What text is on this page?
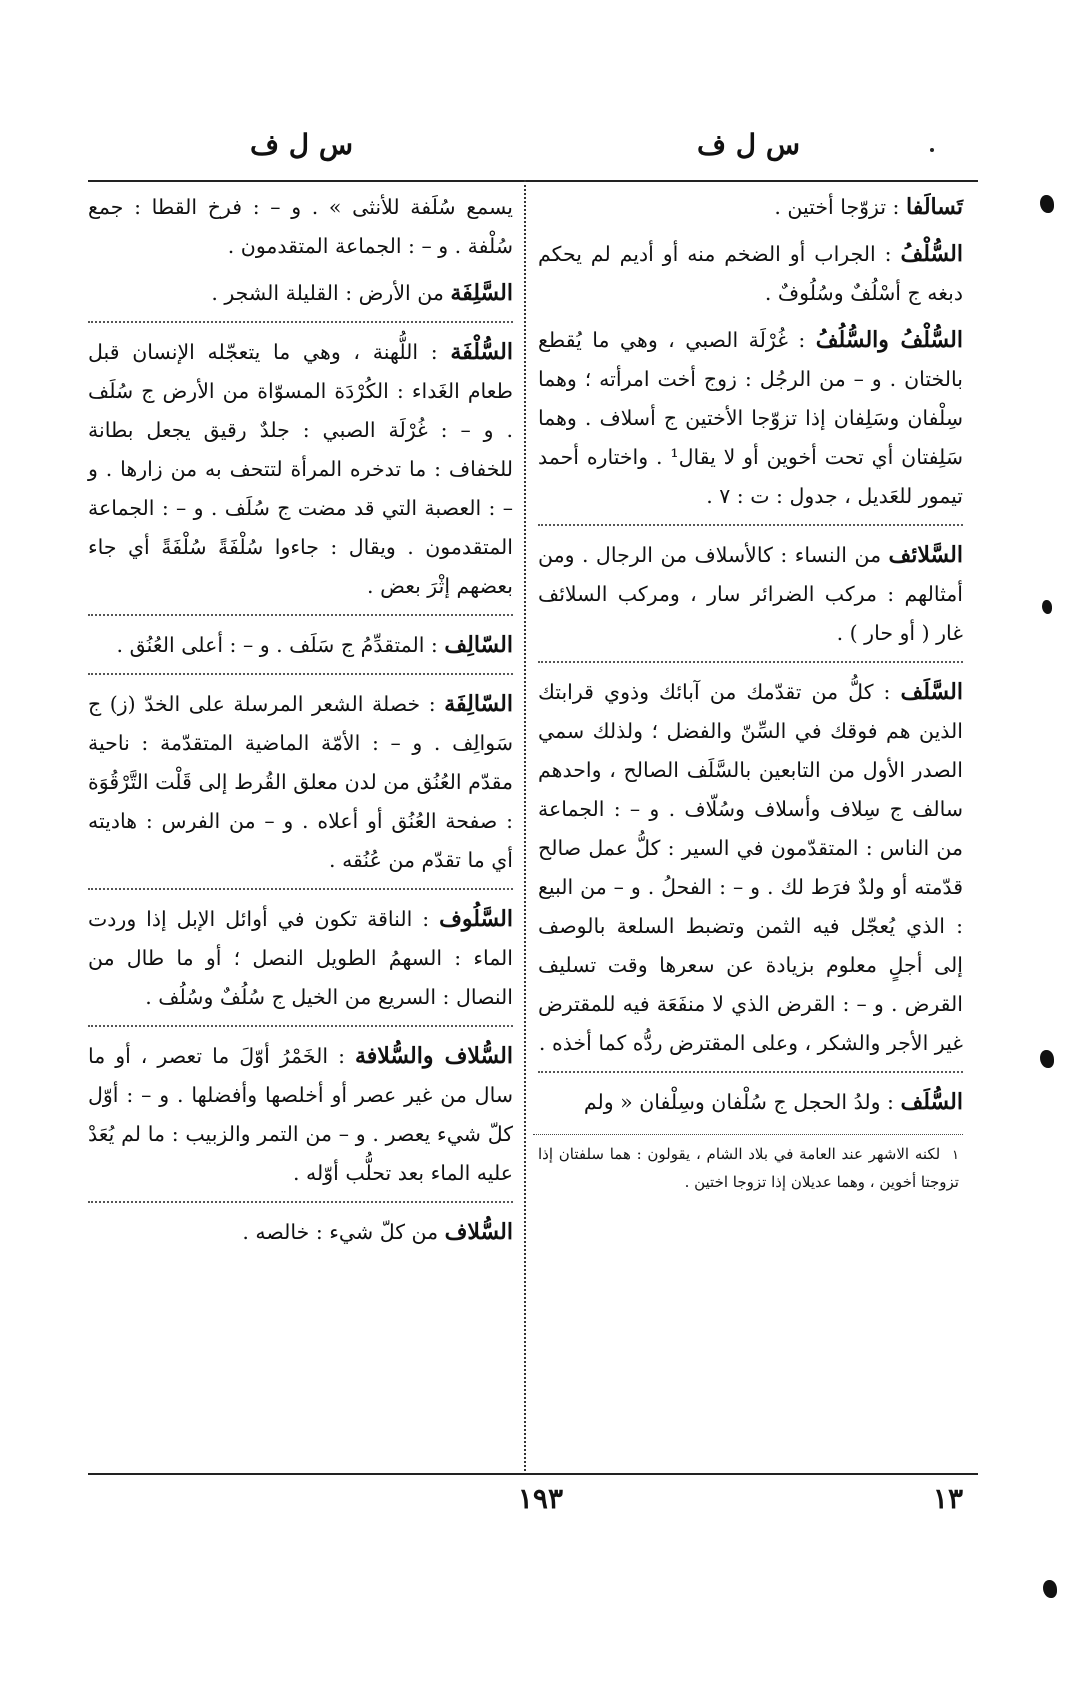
س ل ف
س ل ف
تَسالَفا : تزوّجا أختين .
السُّلْفُ : الجراب أو الضخم منه أو أديم لم يحكم دبغه ج أسْلُفٌ وسُلُوفٌ .
السُّلْفُ والسُّلُفُ : غُرْلَة الصبي ، وهي ما يُقطع بالختان . و – من الرجُل : زوج أخت امرأته ؛ وهما سِلْفان وسَلِفان إذا تزوّجا الأختين ج أسلاف . وهما سَلِفتان أي تحت أخوين أو لا يقال¹ . واختاره أحمد تيمور للعَديل ، جدول : ت : ٧ .
السَّلائف من النساء : كالأسلاف من الرجال . ومن أمثالهم : مركب الضرائر سار ، ومركب السلائف غار ( أو حار ) .
السَّلَف : كلُّ من تقدّمك من آبائك وذوي قرابتك الذين هم فوقك في السِّنّ والفضل ؛ ولذلك سمي الصدر الأول من التابعين بالسَّلَف الصالح ، واحدهم سالف ج سِلاف وأسلاف وسُلّاف . و – : الجماعة من الناس : المتقدّمون في السير : كلُّ عمل صالح قدّمته أو ولدٌ فرَط لك . و – : الفحلُ . و – من البيع : الذي يُعجّل فيه الثمن وتضبط السلعة بالوصف إلى أجلٍ معلوم بزيادة عن سعرها وقت تسليف القرض . و – : القرض الذي لا منفَعَة فيه للمقترض غير الأجر والشكر ، وعلى المقترض ردُّه كما أخذه .
السُّلَف : ولدُ الحجل ج سُلْفان وسِلْفان « ولم
١ لكنه الاشهر عند العامة في بلاد الشام ، يقولون : هما سلفتان إذا تزوجتا أخوين ، وهما عديلان إذا تزوجا اختين .
يسمع سُلَفة للأنثى » . و – : فرخ القطا : جمع سُلْفة . و – : الجماعة المتقدمون .
السَّلِفَة من الأرض : القليلة الشجر .
السُّلْفَة : اللُّهنة ، وهي ما يتعجّله الإنسان قبل طعام الغَداء : الكُرْدَة المسوّاة من الأرض ج سُلَف . و – : غُرْلَة الصبي : جلدٌ رقيق يجعل بطانة للخفاف : ما تدخره المرأة لتتحف به من زارها . و – : العصبة التي قد مضت ج سُلَف . و – : الجماعة المتقدمون . ويقال : جاءوا سُلْفَةً سُلْفَةً أي جاء بعضهم إثْرَ بعض .
السّالِف : المتقدِّمُ ج سَلَف . و – : أعلى العُنُق .
السّالِفَة : خصلة الشعر المرسلة على الخدّ (ز) ج سَوالِف . و – : الأمّة الماضية المتقدّمة : ناحية مقدّم العُنُق من لدن معلق القُرط إلى قَلْت التَّرْقُوَة : صفحة العُنُق أو أعلاه . و – من الفرس : هاديته أي ما تقدّم من عُنُقه .
السَّلُوف : الناقة تكون في أوائل الإبل إذا وردت الماء : السهمُ الطويل النصل ؛ أو ما طال من النصال : السريع من الخيل ج سُلُفٌ وسُلُف .
السُّلاف والسُّلافة : الخَمْرُ أوّلَ ما تعصر ، أو ما سال من غير عصر أو أخلصها وأفضلها . و – : أوّل كلّ شيء يعصر . و – من التمر والزبيب : ما لم يُعَدْ عليه الماء بعد تحلُّب أوّله .
السُّلاف من كلّ شيء : خالصه .
١٩٣	١٣
